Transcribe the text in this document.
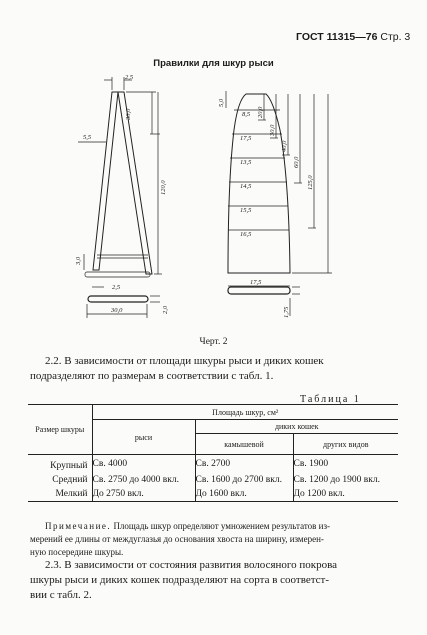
ГОСТ 11315—76 Стр. 3
Правилки для шкур рыси
2,5
30,0
5,5
120,0
3,0
2,5
30,0	2,0
5,0
8,5 20,0
30,0
40,0
17,5
60,0
13,5
14,5	125,0
15,5
16,5
17,5
1,75
Черт. 2
2.2. В зависимости от площади шкуры рыси и диких кошек
подразделяют по размерам в соответствии с табл. 1.
Таблица 1
Размер шкуры	Площадь шкур, см²		
	рыси	диких кошек	
		камышевой	других видов
Крупный	Св. 4000	Св. 2700	Св. 1900
Средний	Св. 2750 до 4000 вкл.	Св. 1600 до 2700 вкл.	Св. 1200 до 1900 вкл.
Мелкий	До 2750 вкл.	До 1600 вкл.	До 1200 вкл.
Примечание. Площадь шкур определяют умножением результатов из-
мерений ее длины от междуглазья до основания хвоста на ширину, измерен-
ную посередине шкуры.
2.3. В зависимости от состояния развития волосяного покрова
шкуры рыси и диких кошек подразделяют на сорта в соответст-
вии с табл. 2.
